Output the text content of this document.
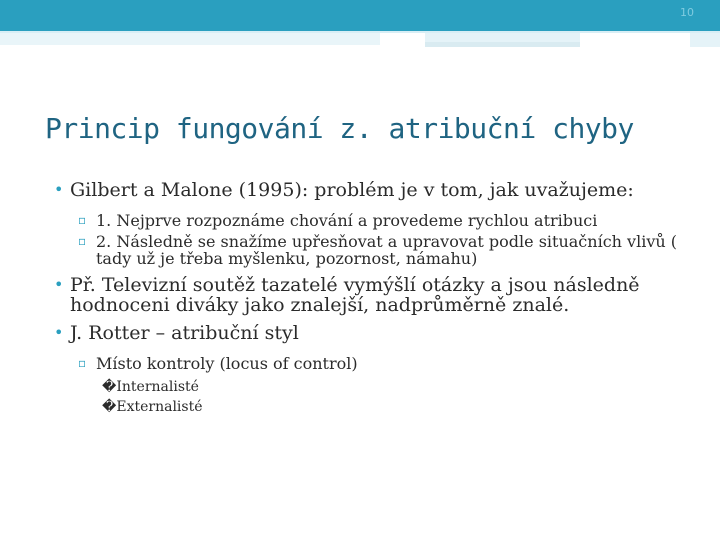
10
Princip fungování z. atribuční chyby

• Gilbert a Malone (1995): problém je v tom, jak uvažujeme:

▫ 1. Nejprve rozpoznáme chování a provedeme rychlou atribuci

▫ 2. Následně se snažíme upřesňovat a upravovat podle situačních vlivů ( tady už je třeba myšlenku, pozornost, námahu)

• Př. Televizní soutěž tazatelé vymýšlí otázky a jsou následně hodnoceni diváky jako znalejší, nadprůměrně znalé.

• J. Rotter – atribuční styl

▫ Místo kontroly (locus of control)

�Internalisté

�Externalisté
